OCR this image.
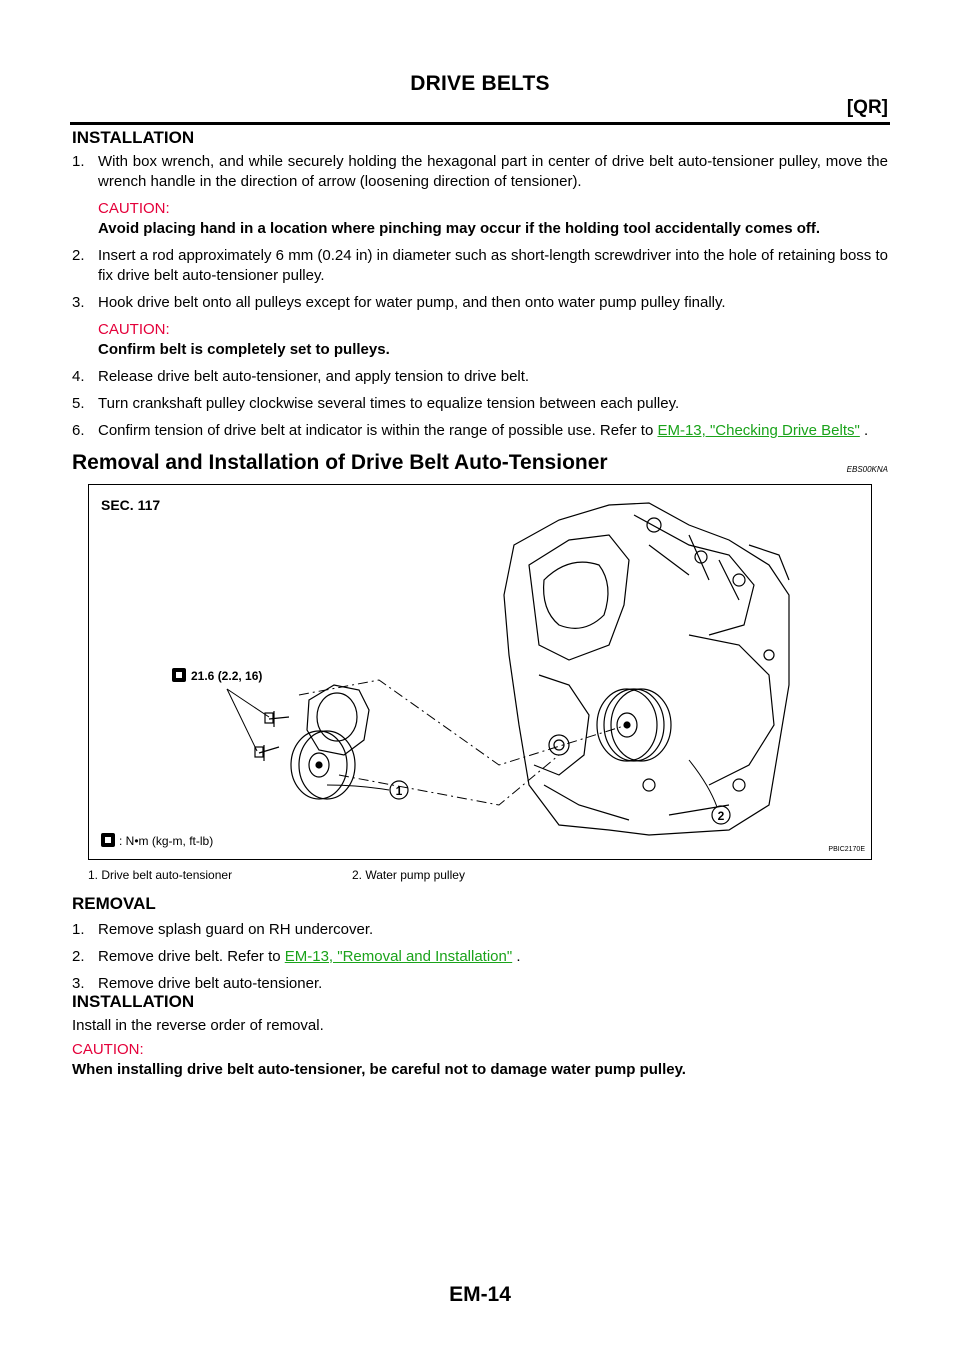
DRIVE BELTS
[QR]
INSTALLATION
1. With box wrench, and while securely holding the hexagonal part in center of drive belt auto-tensioner pulley, move the wrench handle in the direction of arrow (loosening direction of tensioner).
CAUTION:
Avoid placing hand in a location where pinching may occur if the holding tool accidentally comes off.
2. Insert a rod approximately 6 mm (0.24 in) in diameter such as short-length screwdriver into the hole of retaining boss to fix drive belt auto-tensioner pulley.
3. Hook drive belt onto all pulleys except for water pump, and then onto water pump pulley finally.
CAUTION:
Confirm belt is completely set to pulleys.
4. Release drive belt auto-tensioner, and apply tension to drive belt.
5. Turn crankshaft pulley clockwise several times to equalize tension between each pulley.
6. Confirm tension of drive belt at indicator is within the range of possible use. Refer to EM-13, "Checking Drive Belts" .
Removal and Installation of Drive Belt Auto-Tensioner	EBS00KNA
1
2
21.6 (2.2, 16)
: N•m (kg-m, ft-lb)
SEC. 117
PBIC2170E
1. Drive belt auto-tensioner	2. Water pump pulley
REMOVAL
1. Remove splash guard on RH undercover.
2. Remove drive belt. Refer to EM-13, "Removal and Installation" .
3. Remove drive belt auto-tensioner.
INSTALLATION
Install in the reverse order of removal.
CAUTION:
When installing drive belt auto-tensioner, be careful not to damage water pump pulley.
EM-14
